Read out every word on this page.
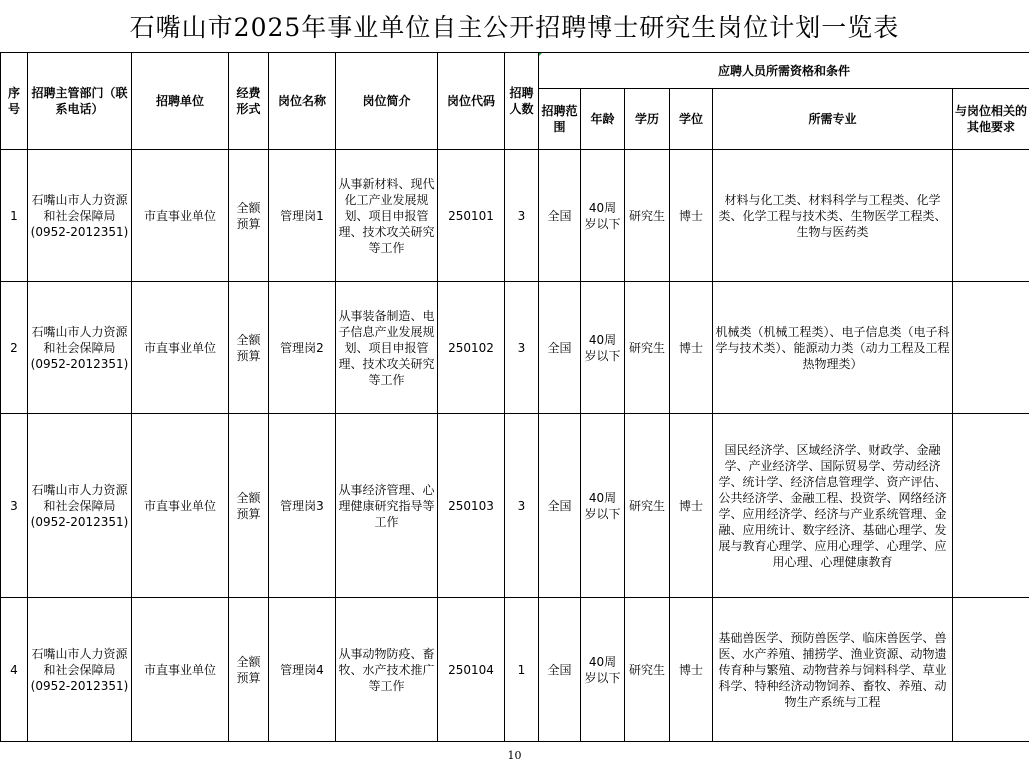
石嘴山市2025年事业单位自主公开招聘博士研究生岗位计划一览表
序号	招聘主管部门（联系电话）	招聘单位	经费形式	岗位名称	岗位简介	岗位代码	招聘人数	应聘人员所需资格和条件					
								招聘范围	年龄	学历	学位	所需专业	与岗位相关的其他要求
1	石嘴山市人力资源和社会保障局(0952-2012351)	市直事业单位	全额预算	管理岗1	从事新材料、现代化工产业发展规划、项目申报管理、技术攻关研究等工作	250101	3	全国	40周岁以下	研究生	博士	材料与化工类、材料科学与工程类、化学类、化学工程与技术类、生物医学工程类、生物与医药类	
2	石嘴山市人力资源和社会保障局(0952-2012351)	市直事业单位	全额预算	管理岗2	从事装备制造、电子信息产业发展规划、项目申报管理、技术攻关研究等工作	250102	3	全国	40周岁以下	研究生	博士	机械类（机械工程类）、电子信息类（电子科学与技术类）、能源动力类（动力工程及工程热物理类）	
3	石嘴山市人力资源和社会保障局(0952-2012351)	市直事业单位	全额预算	管理岗3	从事经济管理、心理健康研究指导等工作	250103	3	全国	40周岁以下	研究生	博士	国民经济学、区域经济学、财政学、金融学、产业经济学、国际贸易学、劳动经济学、统计学、经济信息管理学、资产评估、公共经济学、金融工程、投资学、网络经济学、应用经济学、经济与产业系统管理、金融、应用统计、数字经济、基础心理学、发展与教育心理学、应用心理学、心理学、应用心理、心理健康教育	
4	石嘴山市人力资源和社会保障局(0952-2012351)	市直事业单位	全额预算	管理岗4	从事动物防疫、畜牧、水产技术推广等工作	250104	1	全国	40周岁以下	研究生	博士	基础兽医学、预防兽医学、临床兽医学、兽医、水产养殖、捕捞学、渔业资源、动物遗传育种与繁殖、动物营养与饲料科学、草业科学、特种经济动物饲养、畜牧、养殖、动物生产系统与工程	
10
